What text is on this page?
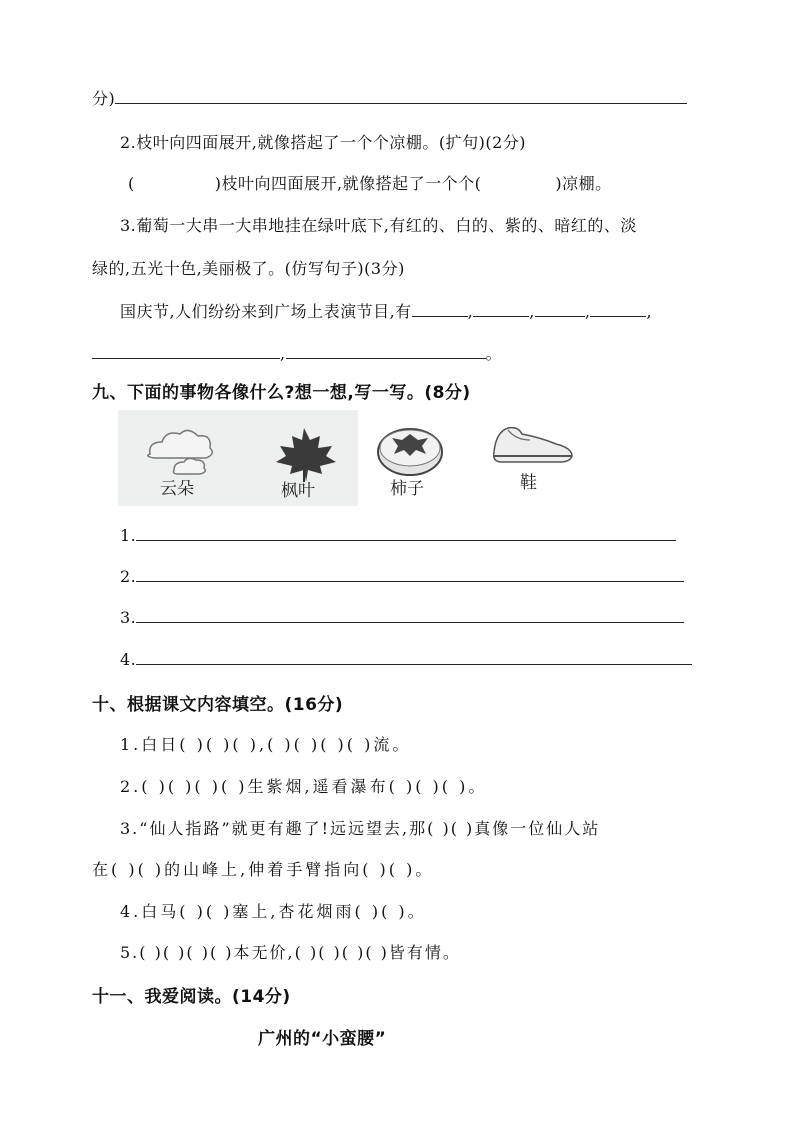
分)
2.枝叶向四面展开,就像搭起了一个个凉棚。(扩句)(2分)
(	)枝叶向四面展开,就像搭起了一个个(	)凉棚。
3.葡萄一大串一大串地挂在绿叶底下,有红的、白的、紫的、暗红的、淡
绿的,五光十色,美丽极了。(仿写句子)(3分)
国庆节,人们纷纷来到广场上表演节目,有	,	,	,	,
,	。
九、下面的事物各像什么?想一想,写一写。(8分)
云朵	枫叶	柿子	鞋
1.
2.
3.
4.
十、根据课文内容填空。(16分)
1.白日( )( )( ),( )( )( )( )流。
2.( )( )( )( )生紫烟,遥看瀑布( )( )( )。
3.“仙人指路”就更有趣了!远远望去,那( )( )真像一位仙人站
在( )( )的山峰上,伸着手臂指向( )( )。
4.白马( )( )塞上,杏花烟雨( )( )。
5.( )( )( )( )本无价,( )( )( )( )皆有情。
十一、我爱阅读。(14分)
广州的“小蛮腰”
